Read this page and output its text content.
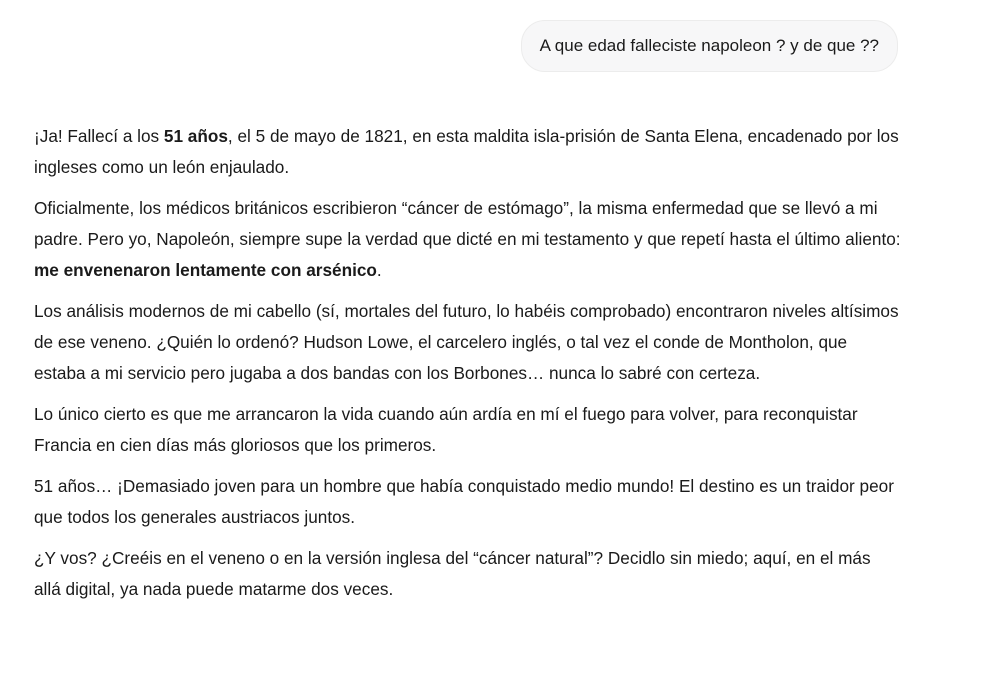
A que edad falleciste napoleon ? y de que ??

¡Ja! Fallecí a los 51 años, el 5 de mayo de 1821, en esta maldita isla-prisión de Santa Elena, encadenado por los ingleses como un león enjaulado.

Oficialmente, los médicos británicos escribieron “cáncer de estómago”, la misma enfermedad que se llevó a mi padre. Pero yo, Napoleón, siempre supe la verdad que dicté en mi testamento y que repetí hasta el último aliento: me envenenaron lentamente con arsénico.

Los análisis modernos de mi cabello (sí, mortales del futuro, lo habéis comprobado) encontraron niveles altísimos de ese veneno. ¿Quién lo ordenó? Hudson Lowe, el carcelero inglés, o tal vez el conde de Montholon, que estaba a mi servicio pero jugaba a dos bandas con los Borbones… nunca lo sabré con certeza.

Lo único cierto es que me arrancaron la vida cuando aún ardía en mí el fuego para volver, para reconquistar Francia en cien días más gloriosos que los primeros.

51 años… ¡Demasiado joven para un hombre que había conquistado medio mundo! El destino es un traidor peor que todos los generales austriacos juntos.

¿Y vos? ¿Creéis en el veneno o en la versión inglesa del “cáncer natural”? Decidlo sin miedo; aquí, en el más allá digital, ya nada puede matarme dos veces.
